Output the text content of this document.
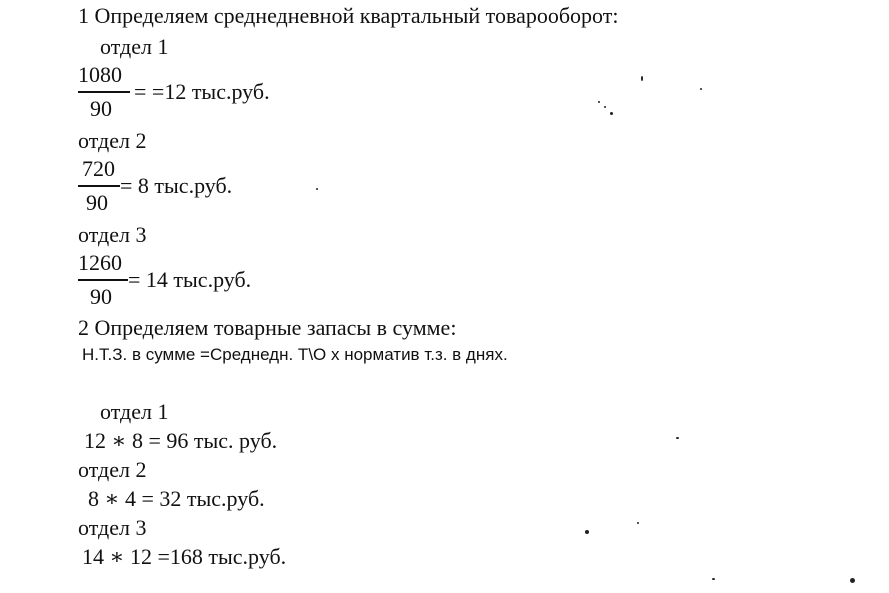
1 Определяем среднедневной квартальный товарооборот:
отдел 1
1080
90
= =12 тыс.руб.
отдел 2
720
90
= 8 тыс.руб.
отдел 3
1260
90
= 14 тыс.руб.
2 Определяем товарные запасы в сумме:
Н.Т.З. в сумме =Среднедн. Т\О х норматив т.з. в днях.
отдел 1
12 ∗ 8 = 96 тыс. руб.
отдел 2
8 ∗ 4 = 32 тыс.руб.
отдел 3
14 ∗ 12 =168 тыс.руб.
